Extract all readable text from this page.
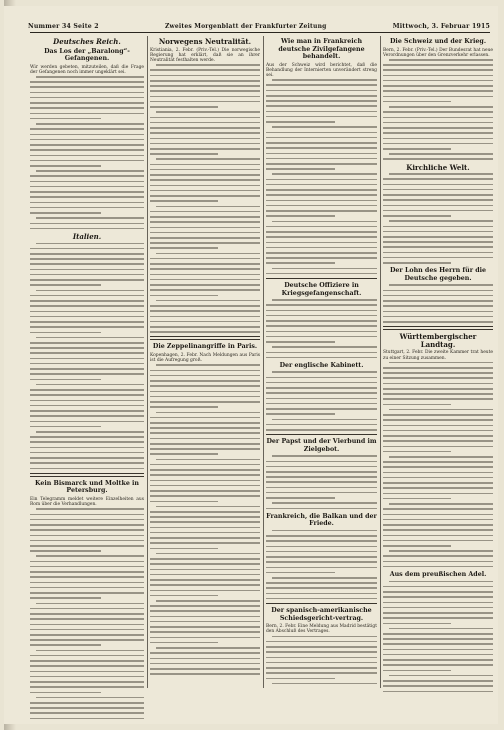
Nummer 34 Seite 2	Zweites Morgenblatt der Frankfurter Zeitung	Mittwoch, 3. Februar 1915
Deutsches Reich.
Das Los der „Baralong“-Gefangenen.

Wir werden gebeten, mitzuteilen, daß die Frage der Gefangenen noch immer ungeklärt sei.

Italien.
Kein Bismarck und Moltke in Petersburg.

Ein Telegramm meldet weitere Einzelheiten aus Rom über die Verhandlungen.

Norwegens Neutralität.

Kristiania, 2. Febr. (Priv.-Tel.) Die norwegische Regierung hat erklärt, daß sie an ihrer Neutralität festhalten werde.

Die Zeppelinangriffe in Paris.

Kopenhagen, 2. Febr. Nach Meldungen aus Paris ist die Aufregung groß.

Wie man in Frankreich deutsche Zivilgefangene behandelt.

Aus der Schweiz wird berichtet, daß die Behandlung der Internierten unverändert streng sei.

Deutsche Offiziere in Kriegsgefangenschaft.
Der englische Kabinett.
Der Papst und der Vierbund im Zielgebot.
Frankreich, die Balkan und der Friede.
Der spanisch-amerikanische Schiedsgericht-vertrag.

Bern, 2. Febr. Eine Meldung aus Madrid bestätigt den Abschluß des Vertrages.

Die Schweiz und der Krieg.

Bern, 2. Febr. (Priv.-Tel.) Der Bundesrat hat neue Verordnungen über den Grenzverkehr erlassen.

Kirchliche Welt.
Der Lohn des Herrn für die Deutsche gegeben.
Württembergischer Landtag.

Stuttgart, 2. Febr. Die zweite Kammer trat heute zu einer Sitzung zusammen.

Aus dem preußischen Adel.
